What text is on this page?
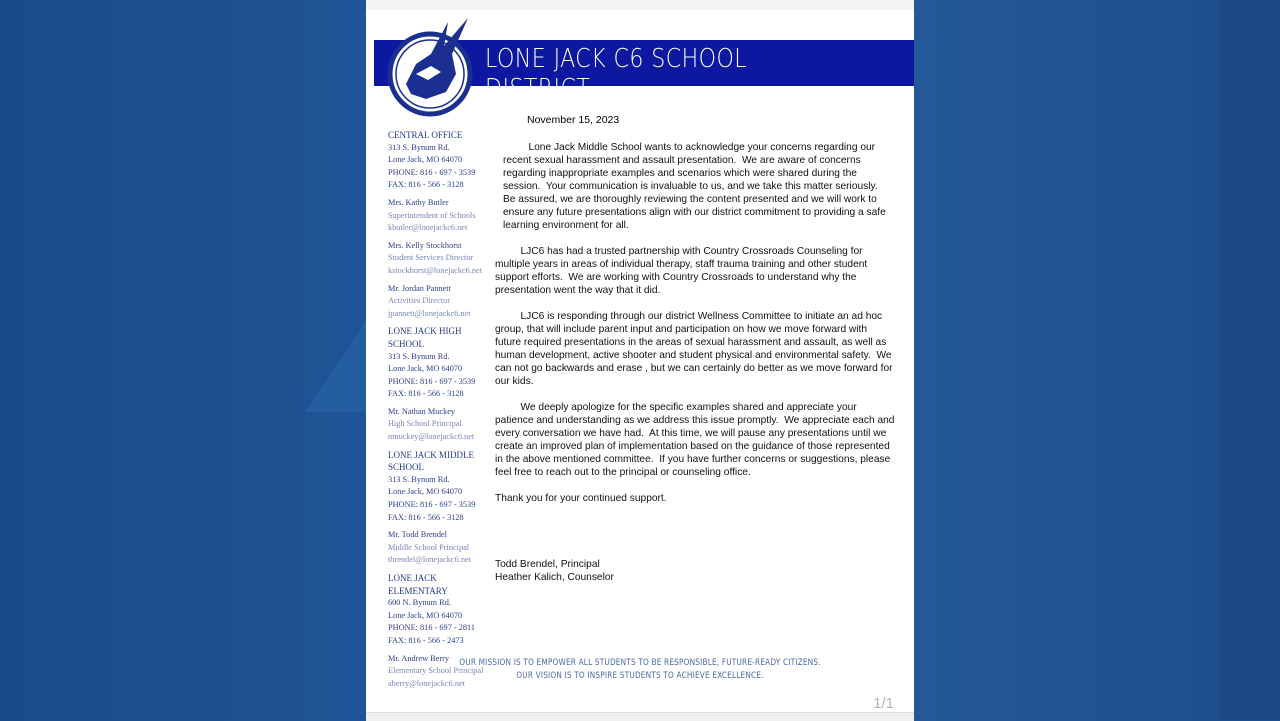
LONE JACK C6 SCHOOL DISTRICT
CENTRAL OFFICE
313 S. Bynum Rd.
Lone Jack, MO 64070
PHONE: 816 - 697 - 3539
FAX: 816 - 566 - 3128
Mrs. Kathy Butler
Superintendent of Schools
kbutler@lonejackc6.net
Mrs. Kelly Stockhorst
Student Services Director
kstockhorst@lonejackc6.net
Mr. Jordan Pannett
Activities Director
jpannett@lonejackc6.net
LONE JACK HIGH SCHOOL
313 S. Bynum Rd.
Lone Jack, MO 64070
PHONE: 816 - 697 - 3539
FAX: 816 - 566 - 3128
Mr. Nathan Muckey
High School Principal
nmuckey@lonejackc6.net
LONE JACK MIDDLE SCHOOL
313 S. Bynum Rd.
Lone Jack, MO 64070
PHONE: 816 - 697 - 3539
FAX: 816 - 566 - 3128
Mr. Todd Brendel
Middle School Principal
tbrendel@lonejackc6.net
LONE JACK ELEMENTARY
600 N. Bynum Rd.
Lone Jack, MO 64070
PHONE: 816 - 697 - 2811
FAX: 816 - 566 - 2473
Mr. Andrew Berry
Elementary School Principal
aberry@lonejackc6.net
November 15, 2023
Lone Jack Middle School wants to acknowledge your concerns regarding our
recent sexual harassment and assault presentation.  We are aware of concerns
regarding inappropriate examples and scenarios which were shared during the
session.  Your communication is invaluable to us, and we take this matter seriously.
Be assured, we are thoroughly reviewing the content presented and we will work to
ensure any future presentations align with our district commitment to providing a safe
learning environment for all.
LJC6 has had a trusted partnership with Country Crossroads Counseling for
multiple years in areas of individual therapy, staff trauma training and other student
support efforts.  We are working with Country Crossroads to understand why the
presentation went the way that it did.
LJC6 is responding through our district Wellness Committee to initiate an ad hoc
group, that will include parent input and participation on how we move forward with
future required presentations in the areas of sexual harassment and assault, as well as
human development, active shooter and student physical and environmental safety.  We
can not go backwards and erase , but we can certainly do better as we move forward for
our kids.
We deeply apologize for the specific examples shared and appreciate your
patience and understanding as we address this issue promptly.  We appreciate each and
every conversation we have had.  At this time, we will pause any presentations until we
create an improved plan of implementation based on the guidance of those represented
in the above mentioned committee.  If you have further concerns or suggestions, please
feel free to reach out to the principal or counseling office.
Thank you for your continued support.
Todd Brendel, Principal
Heather Kalich, Counselor
OUR MISSION IS TO EMPOWER ALL STUDENTS TO BE RESPONSIBLE, FUTURE-READY CITIZENS.
OUR VISION IS TO INSPIRE STUDENTS TO ACHIEVE EXCELLENCE.
1/1
